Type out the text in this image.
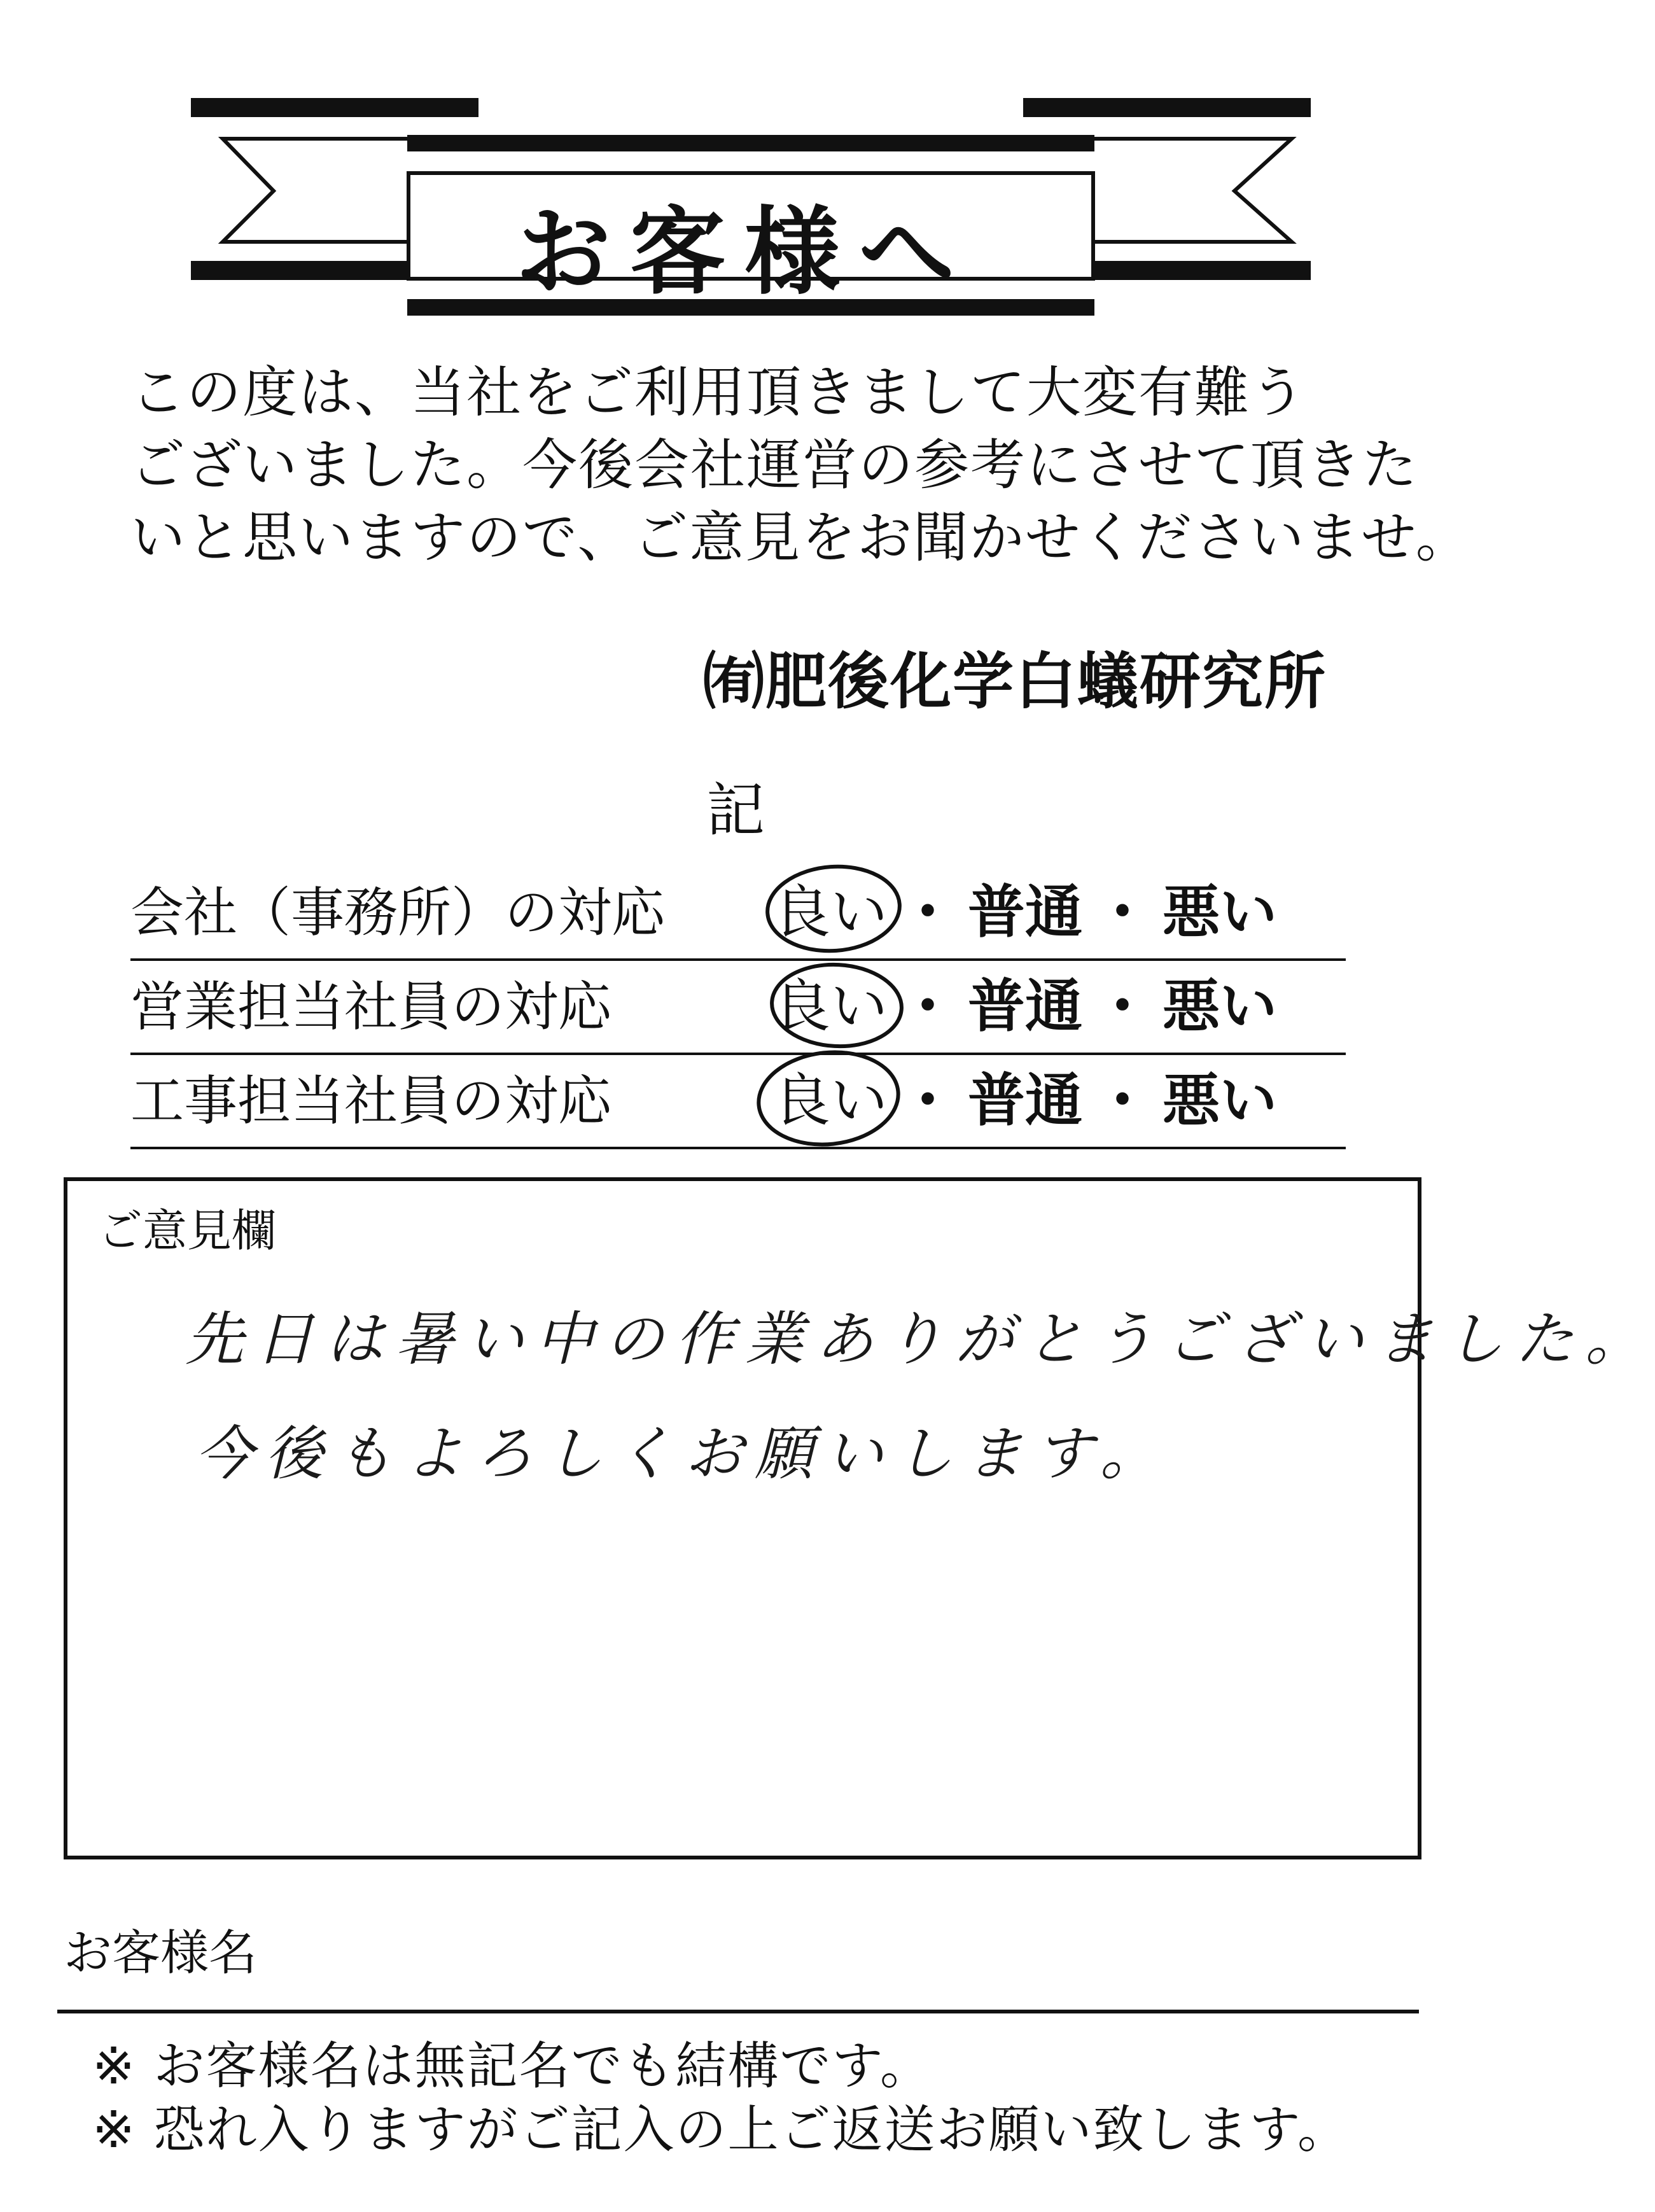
お客様へ
この度は、当社をご利用頂きまして大変有難う
ございました。今後会社運営の参考にさせて頂きた
いと思いますので、ご意見をお聞かせくださいませ。
㈲肥後化学白蟻研究所
記
会社（事務所）の対応 良い ・ 普通 ・ 悪い
営業担当社員の対応	良い ・ 普通 ・ 悪い
工事担当社員の対応	良い ・ 普通 ・ 悪い
ご意見欄
先日は暑い中の作業ありがとうございました。
今後もよろしくお願いします。
お客様名
※ お客様名は無記名でも結構です。
※ 恐れ入りますがご記入の上ご返送お願い致します。
